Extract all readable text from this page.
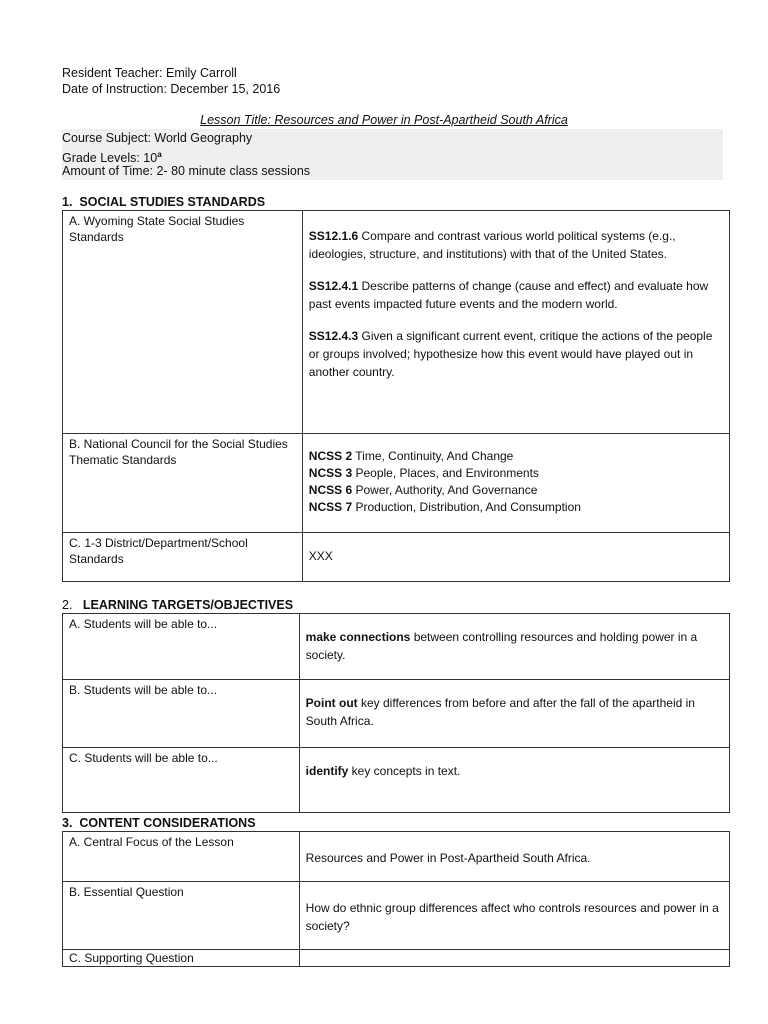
Resident Teacher: Emily Carroll
Date of Instruction: December 15, 2016
Lesson Title: Resources and Power in Post-Apartheid South Africa
Course Subject: World Geography
Grade Levels: 10$^a$
Amount of Time: 2- 80 minute class sessions
1. SOCIAL STUDIES STANDARDS
A. Wyoming State Social Studies Standards	SS12.1.6 Compare and contrast various world political systems (e.g., ideologies, structure, and institutions) with that of the United States.

SS12.4.1 Describe patterns of change (cause and effect) and evaluate how past events impacted future events and the modern world.

SS12.4.3 Given a significant current event, critique the actions of the people or groups involved; hypothesize how this event would have played out in another country.

B. National Council for the Social Studies Thematic Standards	NCSS 2 Time, Continuity, And Change
NCSS 3 People, Places, and Environments
NCSS 6 Power, Authority, And Governance
NCSS 7 Production, Distribution, And Consumption

C. 1-3 District/Department/School Standards	XXX
2. LEARNING TARGETS/OBJECTIVES
A. Students will be able to...	make connections between controlling resources and holding power in a society.
B. Students will be able to...	Point out key differences from before and after the fall of the apartheid in South Africa.
C. Students will be able to...	identify key concepts in text.
3. CONTENT CONSIDERATIONS
A. Central Focus of the Lesson	Resources and Power in Post-Apartheid South Africa.
B. Essential Question	How do ethnic group differences affect who controls resources and power in a society?
C. Supporting Question	
